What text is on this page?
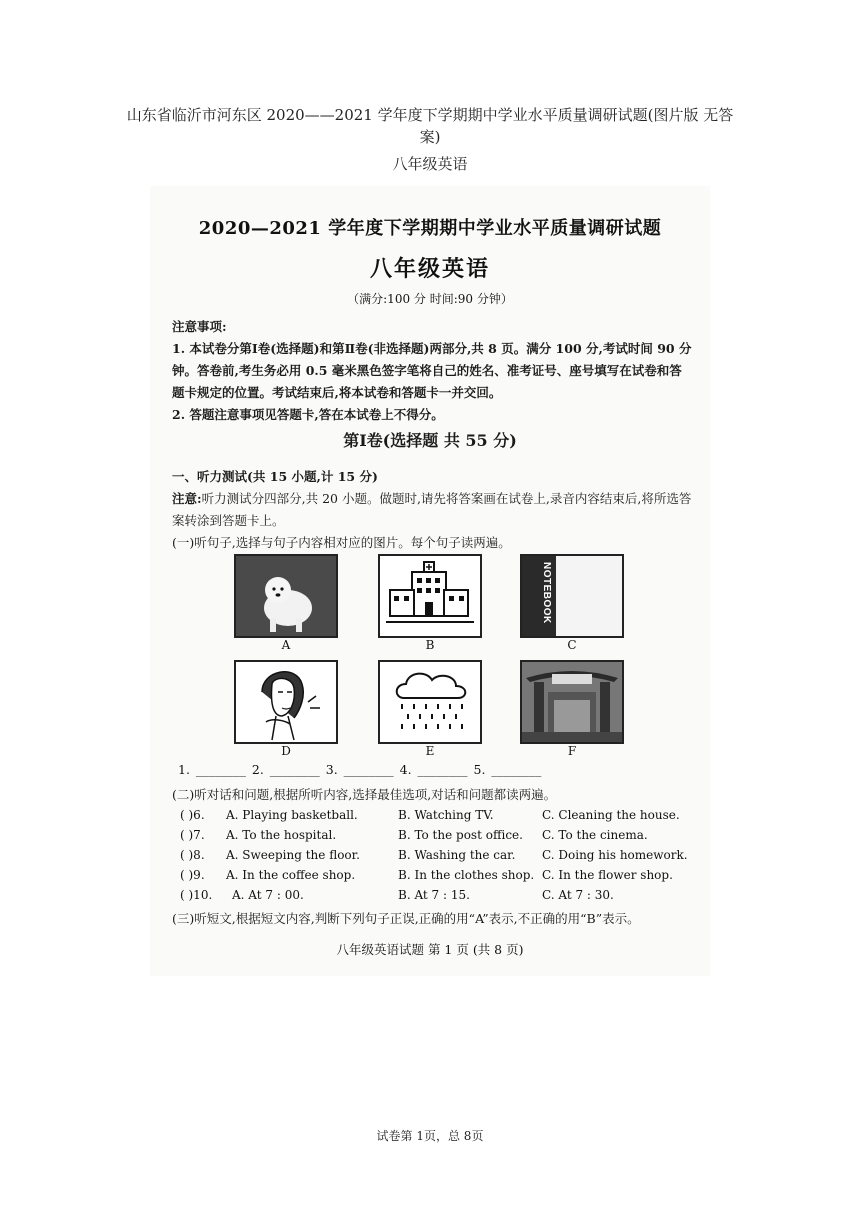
山东省临沂市河东区 2020——2021 学年度下学期期中学业水平质量调研试题(图片版 无答案)
八年级英语
2020—2021 学年度下学期期中学业水平质量调研试题
八年级英语
（满分:100 分 时间:90 分钟）
注意事项:
1. 本试卷分第Ⅰ卷(选择题)和第Ⅱ卷(非选择题)两部分,共 8 页。满分 100 分,考试时间 90 分钟。答卷前,考生务必用 0.5 毫米黑色签字笔将自己的姓名、准考证号、座号填写在试卷和答题卡规定的位置。考试结束后,将本试卷和答题卡一并交回。
2. 答题注意事项见答题卡,答在本试卷上不得分。
第Ⅰ卷(选择题 共 55 分)
一、听力测试(共 15 小题,计 15 分)
注意:听力测试分四部分,共 20 小题。做题时,请先将答案画在试卷上,录音内容结束后,将所选答案转涂到答题卡上。
(一)听句子,选择与句子内容相对应的图片。每个句子读两遍。
A	B
NOTEBOOK
C
D	E	F
1. ________ 2. ________ 3. ________ 4. ________ 5. ________
(二)听对话和问题,根据所听内容,选择最佳选项,对话和问题都读两遍。
( )6. A. Playing basketball.	B. Watching TV.	C. Cleaning the house.
( )7. A. To the hospital.	B. To the post office. C. To the cinema.
( )8. A. Sweeping the floor.	B. Washing the car. C. Doing his homework.
( )9. A. In the coffee shop.	B. In the clothes shop. C. In the flower shop.
( )10. A. At 7 : 00.	B. At 7 : 15.	C. At 7 : 30.
(三)听短文,根据短文内容,判断下列句子正误,正确的用“A”表示,不正确的用“B”表示。
八年级英语试题 第 1 页 (共 8 页)
试卷第 1页，总 8页
